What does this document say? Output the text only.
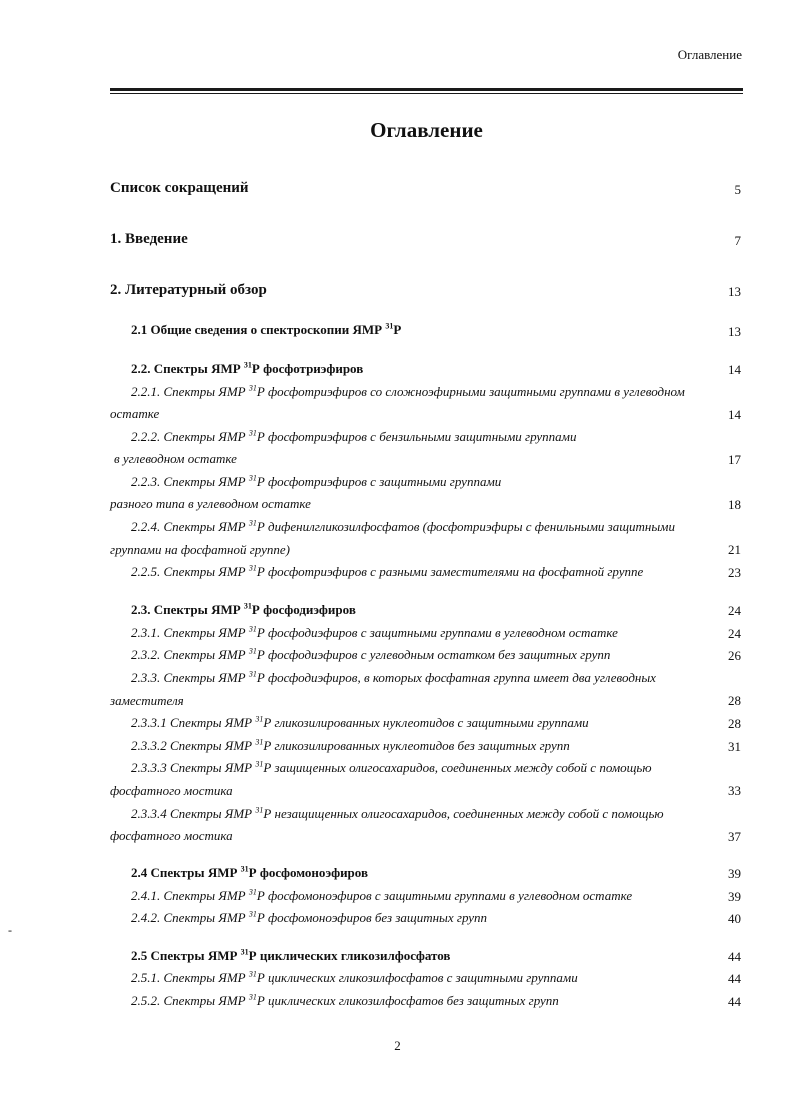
Оглавление
Оглавление
Список сокращений	5
1. Введение	7
2. Литературный обзор	13
2.1 Общие сведения о спектроскопии ЯМР $^{31}$Р	13
2.2. Спектры ЯМР $^{31}$Р фосфотриэфиров	14
2.2.1. Спектры ЯМР $^{31}$Р фосфотриэфиров со сложноэфирными защитными группами в углеводном
остатке	14
2.2.2. Спектры ЯМР $^{31}$Р фосфотриэфиров с бензильными защитными группами
в углеводном остатке	17
2.2.3. Спектры ЯМР $^{31}$Р фосфотриэфиров с защитными группами
разного типа в углеводном остатке	18
2.2.4. Спектры ЯМР $^{31}$Р дифенилгликозилфосфатов (фосфотриэфиры с фенильными защитными
группами на фосфатной группе)	21
2.2.5. Спектры ЯМР $^{31}$Р фосфотриэфиров с разными заместителями на фосфатной группе	23
2.3. Спектры ЯМР $^{31}$Р фосфодиэфиров	24
2.3.1. Спектры ЯМР $^{31}$Р фосфодиэфиров с защитными группами в углеводном остатке	24
2.3.2. Спектры ЯМР $^{31}$Р фосфодиэфиров с углеводным остатком без защитных групп	26
2.3.3. Спектры ЯМР $^{31}$Р фосфодиэфиров, в которых фосфатная группа имеет два углеводных
заместителя	28
2.3.3.1 Спектры ЯМР $^{31}$Р гликозилированных нуклеотидов с защитными группами	28
2.3.3.2 Спектры ЯМР $^{31}$Р гликозилированных нуклеотидов без защитных групп	31
2.3.3.3 Спектры ЯМР $^{31}$Р защищенных олигосахаридов, соединенных между собой с помощью
фосфатного мостика	33
2.3.3.4 Спектры ЯМР $^{31}$Р незащищенных олигосахаридов, соединенных между собой с помощью
фосфатного мостика	37
2.4 Спектры ЯМР $^{31}$Р фосфомоноэфиров	39
2.4.1. Спектры ЯМР $^{31}$Р фосфомоноэфиров с защитными группами в углеводном остатке	39
2.4.2. Спектры ЯМР $^{31}$Р фосфомоноэфиров без защитных групп	40
2.5 Спектры ЯМР $^{31}$Р циклических гликозилфосфатов	44
2.5.1. Спектры ЯМР $^{31}$Р циклических гликозилфосфатов с защитными группами	44
2.5.2. Спектры ЯМР $^{31}$Р циклических гликозилфосфатов без защитных групп	44
-
2
